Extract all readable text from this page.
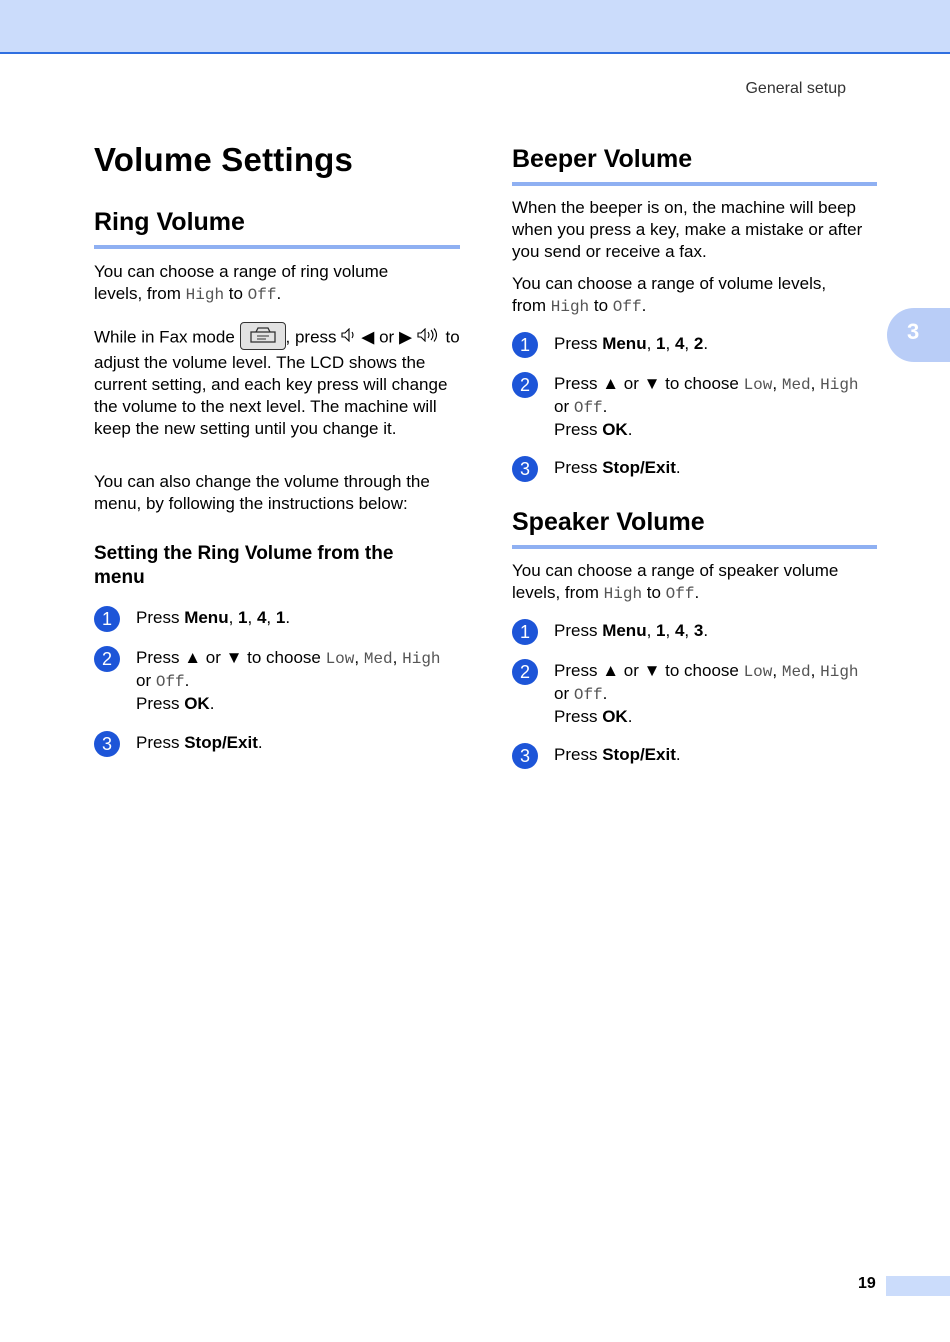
General setup
3
Volume Settings
Ring Volume

You can choose a range of ring volume levels, from High to Off.

While in Fax mode	, press ◀ or ▶ to adjust the volume level. The LCD shows the current setting, and each key press will change the volume to the next level. The machine will keep the new setting until you change it.

You can also change the volume through the menu, by following the instructions below:

Setting the Ring Volume from the menu
1	Press Menu, 1, 4, 1.
2	Press ▲ or ▼ to choose Low, Med, High
or Off.
Press OK.
3	Press Stop/Exit.
Beeper Volume

When the beeper is on, the machine will beep when you press a key, make a mistake or after you send or receive a fax.

You can choose a range of volume levels, from High to Off.

1	Press Menu, 1, 4, 2.
2	Press ▲ or ▼ to choose Low, Med, High
or Off.
Press OK.
3	Press Stop/Exit.
Speaker Volume

You can choose a range of speaker volume levels, from High to Off.

1	Press Menu, 1, 4, 3.
2	Press ▲ or ▼ to choose Low, Med, High
or Off.
Press OK.
3	Press Stop/Exit.
19
